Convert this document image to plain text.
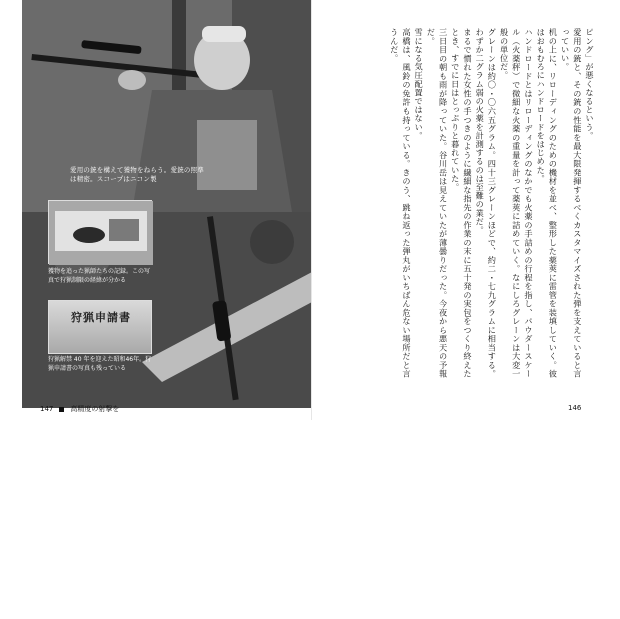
愛用の銃を構えて獲物をねらう。愛銃の照準は精密。スコープはニコン製
愛用のアメリカ製ライフル。M77ライフルに施されたカスタマイズ
獲物を追った猟師たちの記録。この写真で狩猟制限の経緯が分かる
狩猟申請書
狩猟解禁 40 年を迎えた昭和46年。狩猟申請書の写真も残っている
147 高精度の射撃を

ピング」が悪くなるという。

愛用の銃と、その銃の性能を最大限発揮するべくカスタマイズされた弾を支えていると言っていい。

机の上に、リローディングのための機材を並べ、整形した薬莢に雷管を装填していく。彼はおもむろにハンドロードをはじめた。

ハンドロードとはリローディングのなかでも火薬の手詰めの行程を指し、パウダースケール（火薬秤）で微細な火薬の重量を計って薬莢に詰めていく。なにしろグレーンは大変一般の単位だ。

グレーンは約〇・〇六五グラム。四十三グレーンほどで、約二・七九グラムに相当する。わずか二グラム弱の火薬を計測するのは至難の業だ。

まるで慣れた女性の手つきのように繊細な指先の作業の末に五十発の実包をつくり終えたとき、すでに日はとっぷりと暮れていた。

三日目の朝も雨が降っていた。谷川岳は見えていたが薄曇りだった。今夜から悪天の予報だ。

雪になる気圧配置ではない。

高橋は、風鈴の免許も持っている。きのう、跳ね返った弾丸がいちばん危ない場所だと言うんだ。

146
